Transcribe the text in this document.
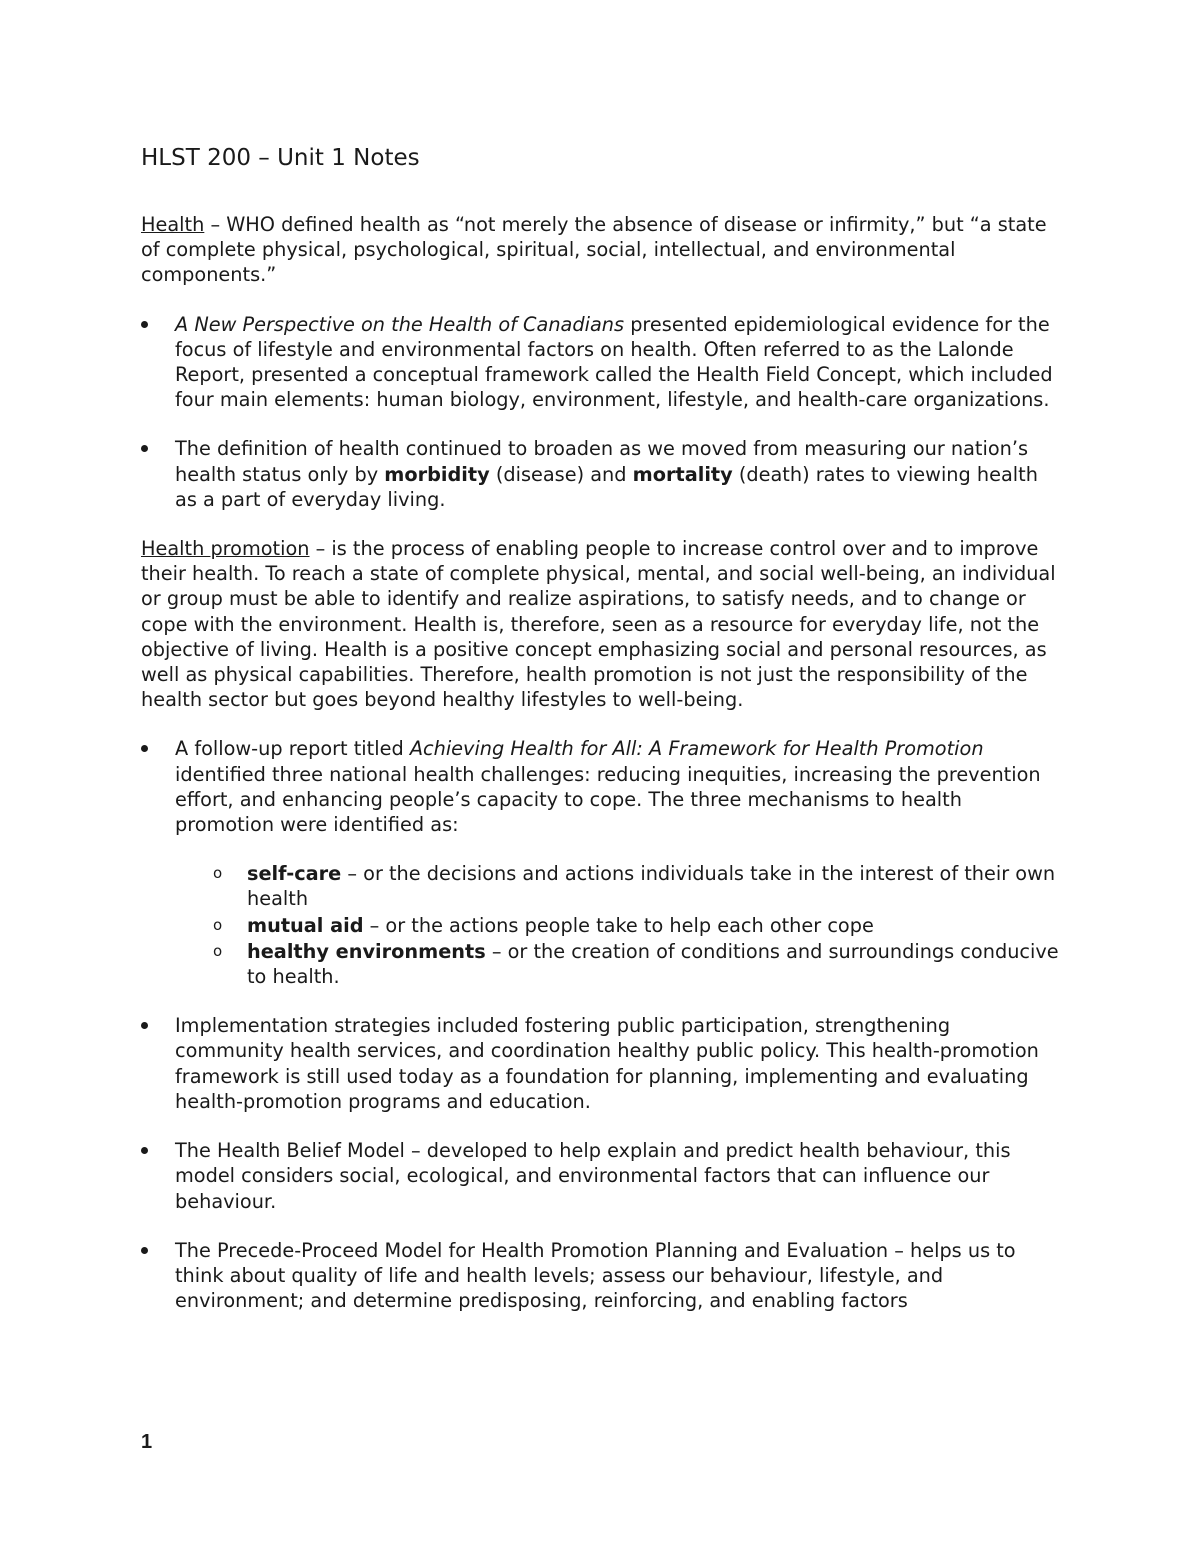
HLST 200 – Unit 1 Notes

Health – WHO defined health as “not merely the absence of disease or infirmity,” but “a state of complete physical, psychological, spiritual, social, intellectual, and environmental components.”

A New Perspective on the Health of Canadians presented epidemiological evidence for the focus of lifestyle and environmental factors on health. Often referred to as the Lalonde Report, presented a conceptual framework called the Health Field Concept, which included four main elements: human biology, environment, lifestyle, and health-care organizations.
The definition of health continued to broaden as we moved from measuring our nation’s health status only by morbidity (disease) and mortality (death) rates to viewing health as a part of everyday living.

Health promotion – is the process of enabling people to increase control over and to improve their health. To reach a state of complete physical, mental, and social well-being, an individual or group must be able to identify and realize aspirations, to satisfy needs, and to change or cope with the environment. Health is, therefore, seen as a resource for everyday life, not the objective of living. Health is a positive concept emphasizing social and personal resources, as well as physical capabilities. Therefore, health promotion is not just the responsibility of the health sector but goes beyond healthy lifestyles to well-being.

A follow-up report titled Achieving Health for All: A Framework for Health Promotion identified three national health challenges: reducing inequities, increasing the prevention effort, and enhancing people’s capacity to cope. The three mechanisms to health promotion were identified as:
o self-care – or the decisions and actions individuals take in the interest of their own health
o mutual aid – or the actions people take to help each other cope
o healthy environments – or the creation of conditions and surroundings conducive to health.
Implementation strategies included fostering public participation, strengthening community health services, and coordination healthy public policy. This health-promotion framework is still used today as a foundation for planning, implementing and evaluating health-promotion programs and education.
The Health Belief Model – developed to help explain and predict health behaviour, this model considers social, ecological, and environmental factors that can influence our behaviour.
The Precede-Proceed Model for Health Promotion Planning and Evaluation – helps us to think about quality of life and health levels; assess our behaviour, lifestyle, and environment; and determine predisposing, reinforcing, and enabling factors
1
